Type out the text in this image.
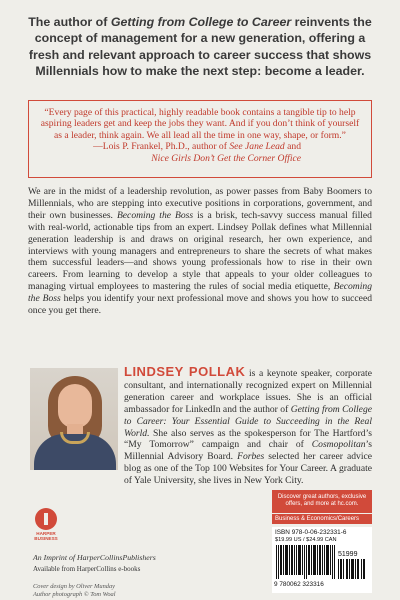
The author of Getting from College to Career reinvents the concept of management for a new generation, offering a fresh and relevant approach to career success that shows Millennials how to make the next step: become a leader.
“Every page of this practical, highly readable book contains a tangible tip to help aspiring leaders get and keep the jobs they want. And if you don’t think of yourself as a leader, think again. We all lead all the time in one way, shape, or form.”
—Lois P. Frankel, Ph.D., author of See Jane Lead and
Nice Girls Don’t Get the Corner Office
We are in the midst of a leadership revolution, as power passes from Baby Boomers to Millennials, who are stepping into executive positions in corporations, government, and their own businesses. Becoming the Boss is a brisk, tech-savvy success manual filled with real-world, actionable tips from an expert. Lindsey Pollak defines what Millennial generation leadership is and draws on original research, her own experience, and interviews with young managers and entrepreneurs to share the secrets of what makes them successful leaders—and shows young professionals how to rise in their own careers. From learning to develop a style that appeals to your older colleagues to managing virtual employees to mastering the rules of social media etiquette, Becoming the Boss helps you identify your next professional move and shows you how to succeed once you get there.
LINDSEY POLLAK is a keynote speaker, corporate consultant, and internationally recognized expert on Millennial generation career and workplace issues. She is an official ambassador for LinkedIn and the author of Getting from College to Career: Your Essential Guide to Succeeding in the Real World. She also serves as the spokesperson for The Hartford’s “My Tomorrow” campaign and chair of Cosmopolitan’s Millennial Advisory Board. Forbes selected her career advice blog as one of the Top 100 Websites for Your Career. A graduate of Yale University, she lives in New York City.
HARPER BUSINESS
An Imprint of HarperCollinsPublishers
Available from HarperCollins e-books
Cover design by Oliver Munday
Author photograph © Tom Woal
Discover great authors, exclusive offers, and more at hc.com.
Business & Economics/Careers
ISBN 978-0-06-232331-6
$19.99 US / $24.99 CAN
51999
9 780062 323316
